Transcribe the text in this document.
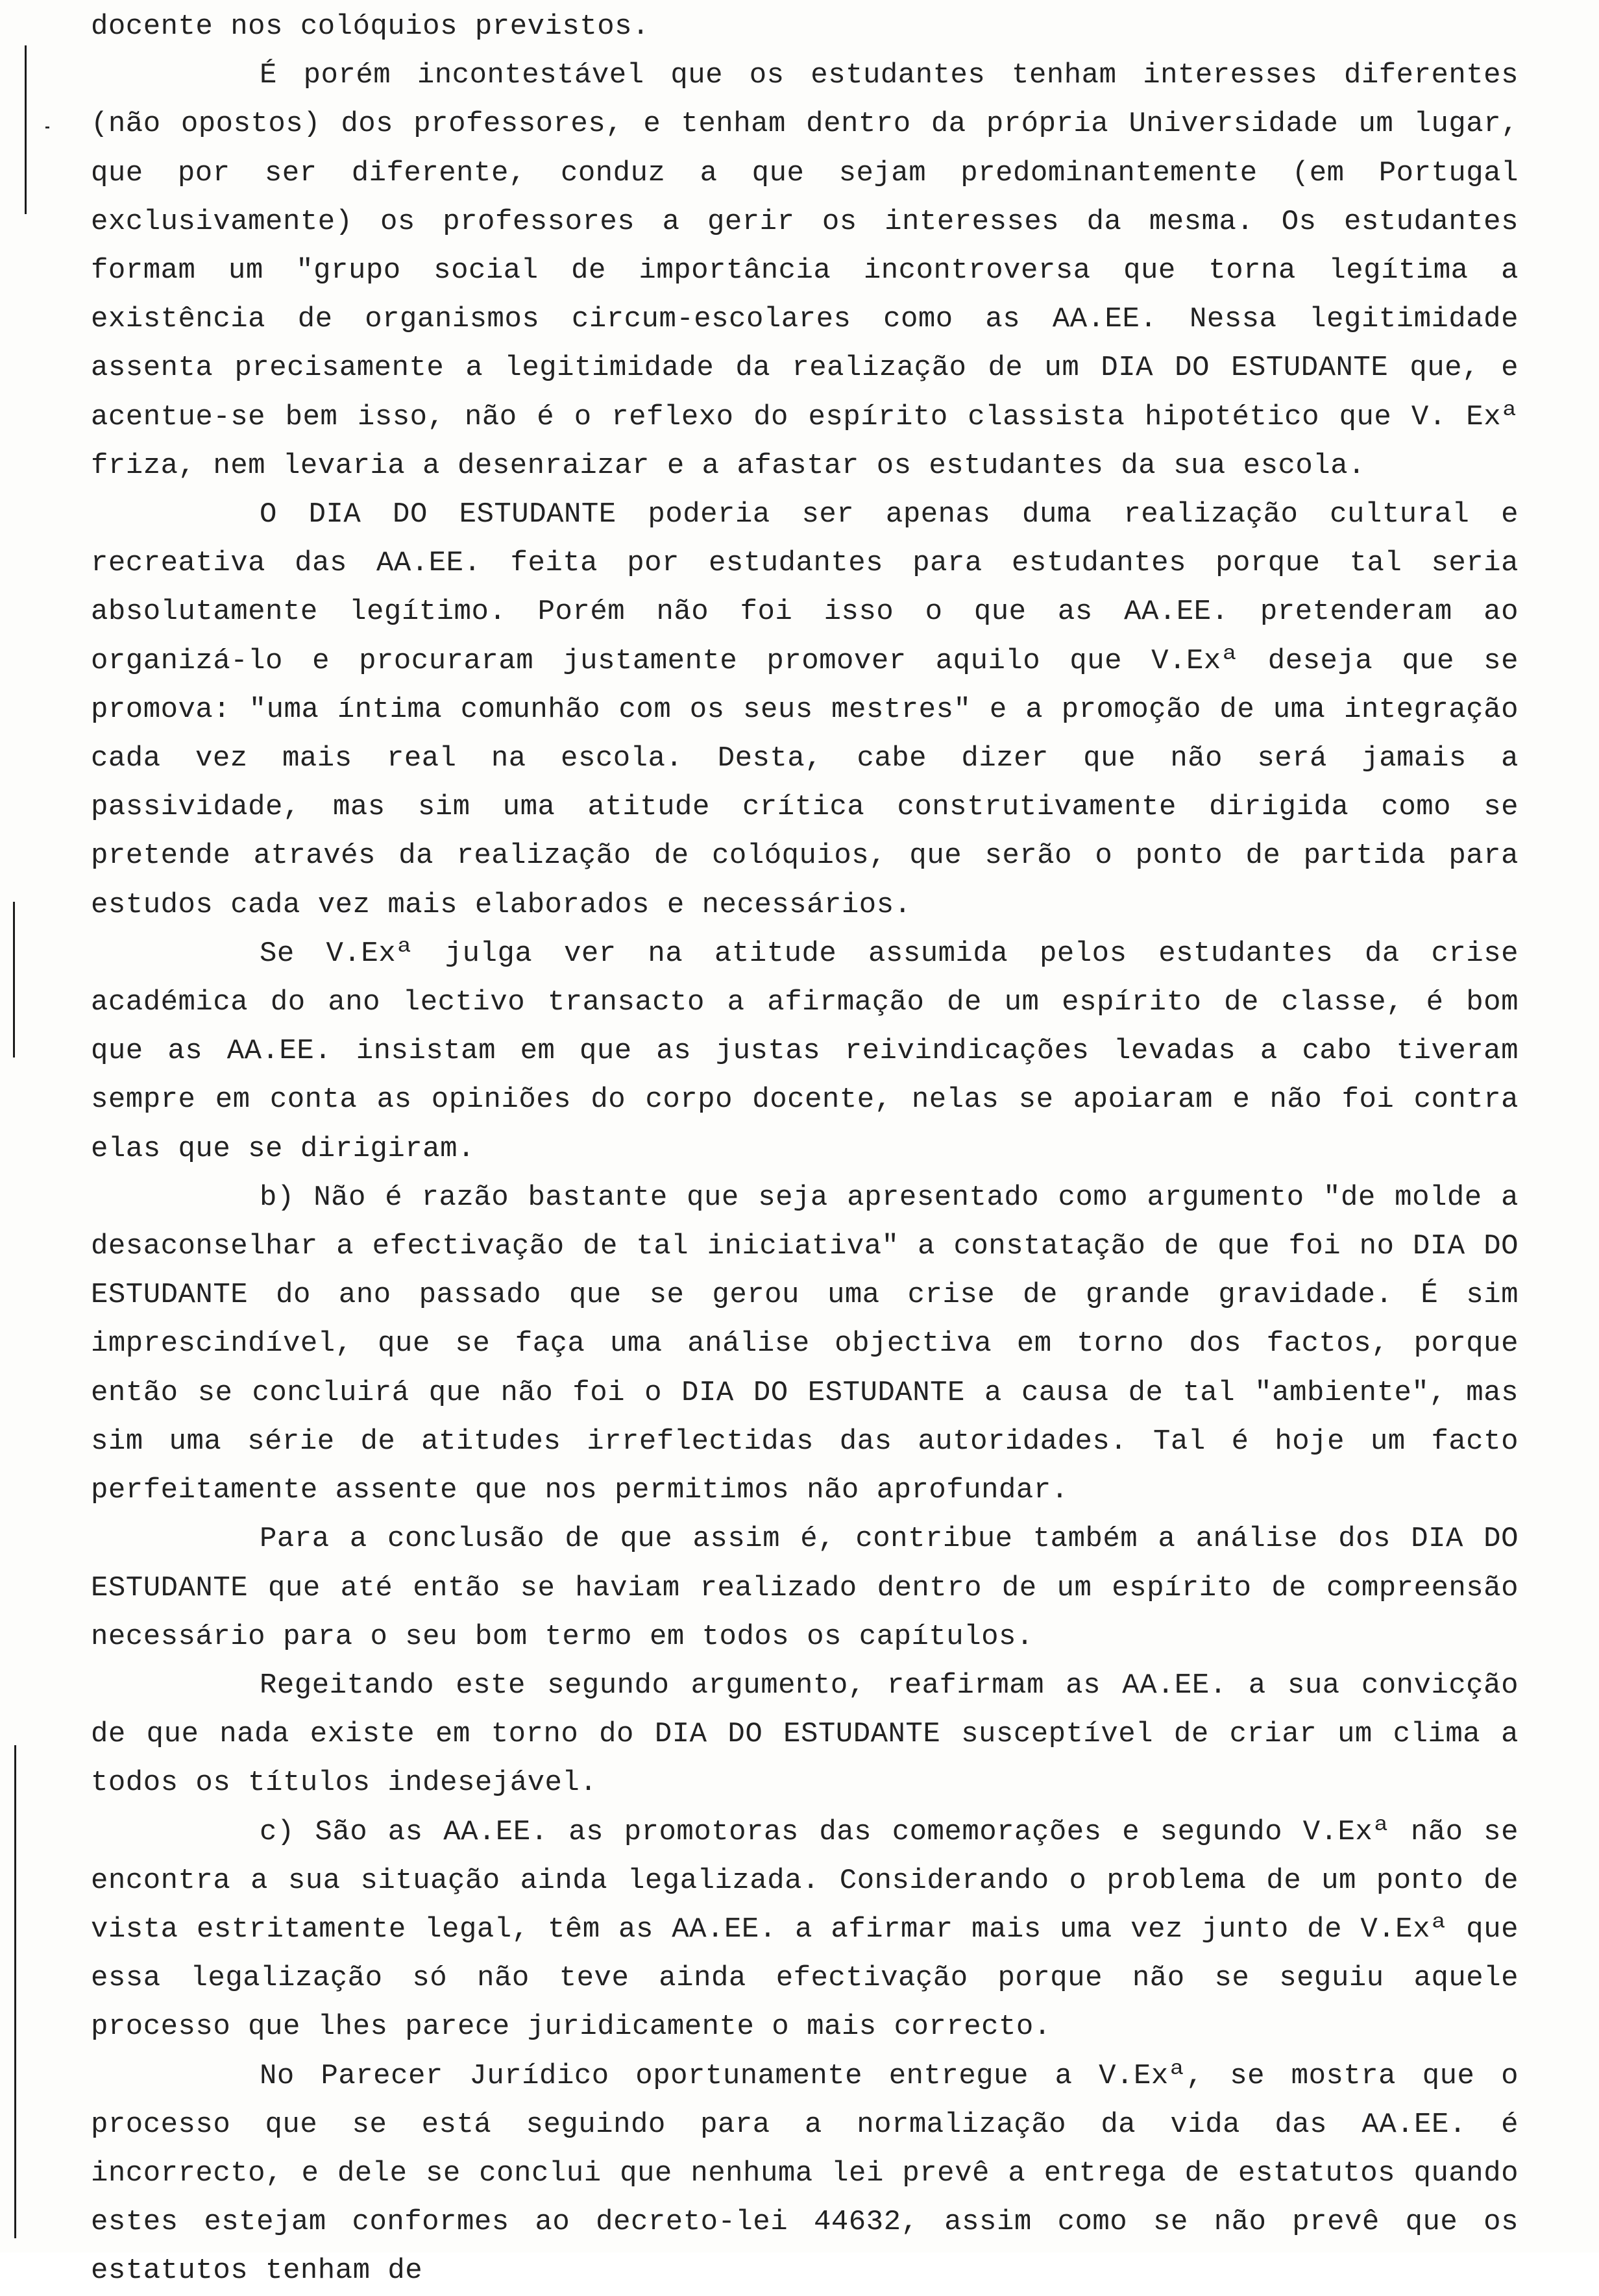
docente nos colóquios previstos.

É porém incontestável que os estudantes tenham interesses diferentes (não opostos) dos professores, e tenham dentro da própria Universidade um lugar, que por ser diferente, conduz a que sejam predominantemente (em Portugal exclusivamente) os professores a gerir os interesses da mesma. Os estudantes formam um "grupo social de importância incontroversa que torna legítima a existência de organismos circum-escolares como as AA.EE. Nessa legitimidade assenta precisamente a legitimidade da realização de um DIA DO ESTUDANTE que, e acentue-se bem isso, não é o reflexo do espírito classista hipotético que V. Exª friza, nem levaria a desenraizar e a afastar os estudantes da sua escola.

O DIA DO ESTUDANTE poderia ser apenas duma realização cultural e recreativa das AA.EE. feita por estudantes para estudantes porque tal seria absolutamente legítimo. Porém não foi isso o que as AA.EE. pretenderam ao organizá-lo e procuraram justamente promover aquilo que V.Exª deseja que se promova: "uma íntima comunhão com os seus mestres" e a promoção de uma integração cada vez mais real na escola. Desta, cabe dizer que não será jamais a passividade, mas sim uma atitude crítica construtivamente dirigida como se pretende através da realização de colóquios, que serão o ponto de partida para estudos cada vez mais elaborados e necessários.

Se V.Exª julga ver na atitude assumida pelos estudantes da crise académica do ano lectivo transacto a afirmação de um espírito de classe, é bom que as AA.EE. insistam em que as justas reivindicações levadas a cabo tiveram sempre em conta as opiniões do corpo docente, nelas se apoiaram e não foi contra elas que se dirigiram.

b) Não é razão bastante que seja apresentado como argumento "de molde a desaconselhar a efectivação de tal iniciativa" a constatação de que foi no DIA DO ESTUDANTE do ano passado que se gerou uma crise de grande gravidade. É sim imprescindível, que se faça uma análise objectiva em torno dos factos, porque então se concluirá que não foi o DIA DO ESTUDANTE a causa de tal "ambiente", mas sim uma série de atitudes irreflectidas das autoridades. Tal é hoje um facto perfeitamente assente que nos permitimos não aprofundar.

Para a conclusão de que assim é, contribue também a análise dos DIA DO ESTUDANTE que até então se haviam realizado dentro de um espírito de compreensão necessário para o seu bom termo em todos os capítulos.

Regeitando este segundo argumento, reafirmam as AA.EE. a sua convicção de que nada existe em torno do DIA DO ESTUDANTE susceptível de criar um clima a todos os títulos indesejável.

c) São as AA.EE. as promotoras das comemorações e segundo V.Exª não se encontra a sua situação ainda legalizada. Considerando o problema de um ponto de vista estritamente legal, têm as AA.EE. a afirmar mais uma vez junto de V.Exª que essa legalização só não teve ainda efectivação porque não se seguiu aquele processo que lhes parece juridicamente o mais correcto.

No Parecer Jurídico oportunamente entregue a V.Exª, se mostra que o processo que se está seguindo para a normalização da vida das AA.EE. é incorrecto, e dele se conclui que nenhuma lei prevê a entrega de estatutos quando estes estejam conformes ao decreto-lei 44632, assim como se não prevê que os estatutos tenham de
